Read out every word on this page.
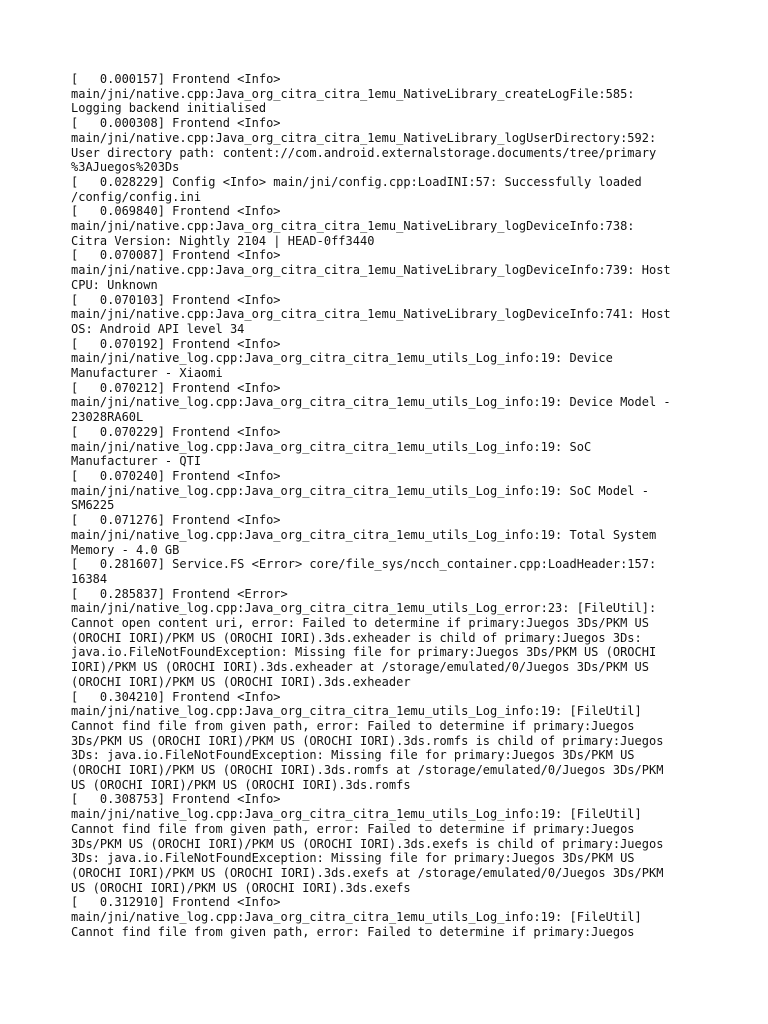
[   0.000157] Frontend <Info>
main/jni/native.cpp:Java_org_citra_citra_1emu_NativeLibrary_createLogFile:585:
Logging backend initialised
[   0.000308] Frontend <Info>
main/jni/native.cpp:Java_org_citra_citra_1emu_NativeLibrary_logUserDirectory:592:
User directory path: content://com.android.externalstorage.documents/tree/primary
%3AJuegos%203Ds
[   0.028229] Config <Info> main/jni/config.cpp:LoadINI:57: Successfully loaded
/config/config.ini
[   0.069840] Frontend <Info>
main/jni/native.cpp:Java_org_citra_citra_1emu_NativeLibrary_logDeviceInfo:738:
Citra Version: Nightly 2104 | HEAD-0ff3440
[   0.070087] Frontend <Info>
main/jni/native.cpp:Java_org_citra_citra_1emu_NativeLibrary_logDeviceInfo:739: Host
CPU: Unknown
[   0.070103] Frontend <Info>
main/jni/native.cpp:Java_org_citra_citra_1emu_NativeLibrary_logDeviceInfo:741: Host
OS: Android API level 34
[   0.070192] Frontend <Info>
main/jni/native_log.cpp:Java_org_citra_citra_1emu_utils_Log_info:19: Device
Manufacturer - Xiaomi
[   0.070212] Frontend <Info>
main/jni/native_log.cpp:Java_org_citra_citra_1emu_utils_Log_info:19: Device Model -
23028RA60L
[   0.070229] Frontend <Info>
main/jni/native_log.cpp:Java_org_citra_citra_1emu_utils_Log_info:19: SoC
Manufacturer - QTI
[   0.070240] Frontend <Info>
main/jni/native_log.cpp:Java_org_citra_citra_1emu_utils_Log_info:19: SoC Model -
SM6225
[   0.071276] Frontend <Info>
main/jni/native_log.cpp:Java_org_citra_citra_1emu_utils_Log_info:19: Total System
Memory - 4.0 GB
[   0.281607] Service.FS <Error> core/file_sys/ncch_container.cpp:LoadHeader:157:
16384
[   0.285837] Frontend <Error>
main/jni/native_log.cpp:Java_org_citra_citra_1emu_utils_Log_error:23: [FileUtil]:
Cannot open content uri, error: Failed to determine if primary:Juegos 3Ds/PKM US
(OROCHI IORI)/PKM US (OROCHI IORI).3ds.exheader is child of primary:Juegos 3Ds:
java.io.FileNotFoundException: Missing file for primary:Juegos 3Ds/PKM US (OROCHI
IORI)/PKM US (OROCHI IORI).3ds.exheader at /storage/emulated/0/Juegos 3Ds/PKM US
(OROCHI IORI)/PKM US (OROCHI IORI).3ds.exheader
[   0.304210] Frontend <Info>
main/jni/native_log.cpp:Java_org_citra_citra_1emu_utils_Log_info:19: [FileUtil]
Cannot find file from given path, error: Failed to determine if primary:Juegos
3Ds/PKM US (OROCHI IORI)/PKM US (OROCHI IORI).3ds.romfs is child of primary:Juegos
3Ds: java.io.FileNotFoundException: Missing file for primary:Juegos 3Ds/PKM US
(OROCHI IORI)/PKM US (OROCHI IORI).3ds.romfs at /storage/emulated/0/Juegos 3Ds/PKM
US (OROCHI IORI)/PKM US (OROCHI IORI).3ds.romfs
[   0.308753] Frontend <Info>
main/jni/native_log.cpp:Java_org_citra_citra_1emu_utils_Log_info:19: [FileUtil]
Cannot find file from given path, error: Failed to determine if primary:Juegos
3Ds/PKM US (OROCHI IORI)/PKM US (OROCHI IORI).3ds.exefs is child of primary:Juegos
3Ds: java.io.FileNotFoundException: Missing file for primary:Juegos 3Ds/PKM US
(OROCHI IORI)/PKM US (OROCHI IORI).3ds.exefs at /storage/emulated/0/Juegos 3Ds/PKM
US (OROCHI IORI)/PKM US (OROCHI IORI).3ds.exefs
[   0.312910] Frontend <Info>
main/jni/native_log.cpp:Java_org_citra_citra_1emu_utils_Log_info:19: [FileUtil]
Cannot find file from given path, error: Failed to determine if primary:Juegos
